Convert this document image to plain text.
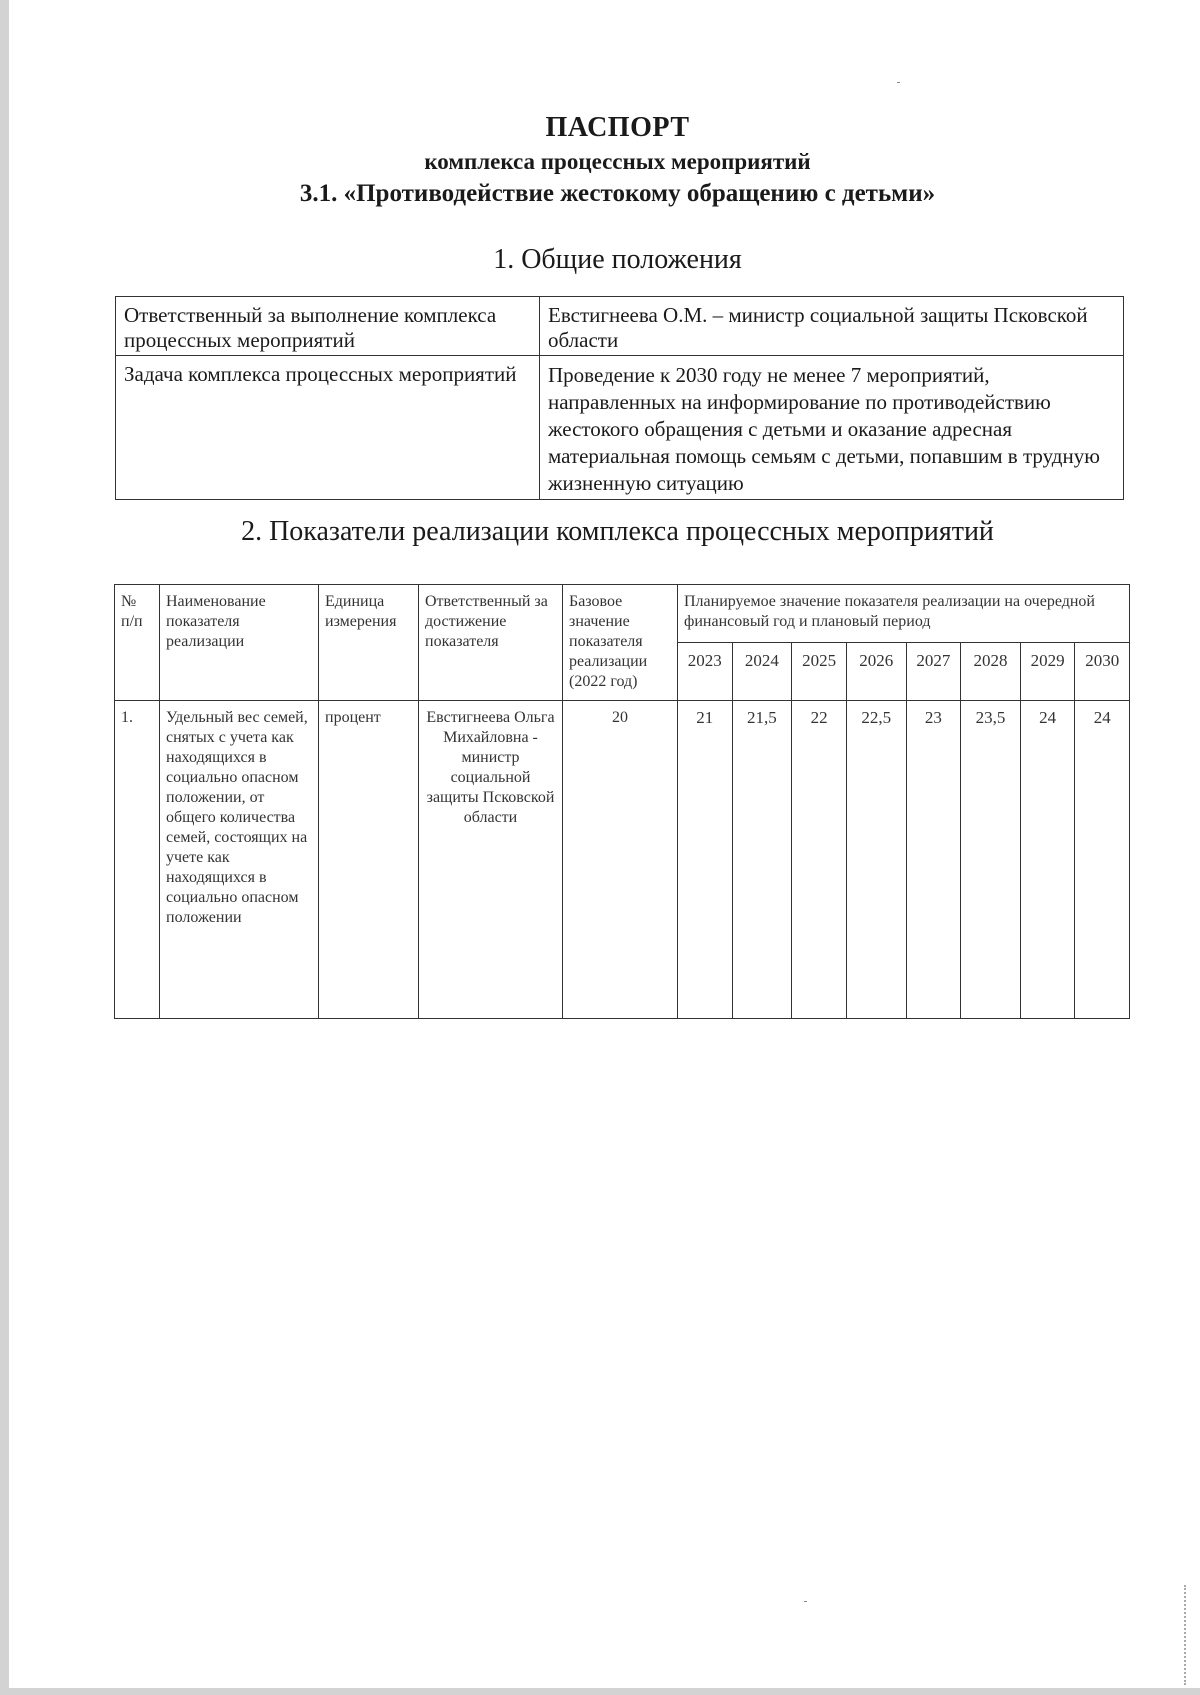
ПАСПОРТ
комплекса процессных мероприятий
3.1. «Противодействие жестокому обращению с детьми»
1. Общие положения
Ответственный за выполнение комплекса процессных мероприятий	Евстигнеева О.М. – министр социальной защиты Псковской области
Задача комплекса процессных мероприятий	Проведение к 2030 году не менее 7 мероприятий, направленных на информирование по противодействию жестокого обращения с детьми и оказание адресная материальная помощь семьям с детьми, попавшим в трудную жизненную ситуацию
2. Показатели реализации комплекса процессных мероприятий
№ п/п	Наименование показателя реализации	Единица измерения	Ответственный за достижение показателя	Базовое значение показателя реализации (2022 год)	Планируемое значение показателя реализации на очередной финансовый год и плановый период							
					2023	2024	2025	2026	2027	2028	2029	2030
1.	Удельный вес семей, снятых с учета как находящихся в социально опасном положении, от общего количества семей, состоящих на учете как находящихся в социально опасном положении	процент	Евстигнеева Ольга Михайловна - министр социальной защиты Псковской области	20	21	21,5	22	22,5	23	23,5	24	24
